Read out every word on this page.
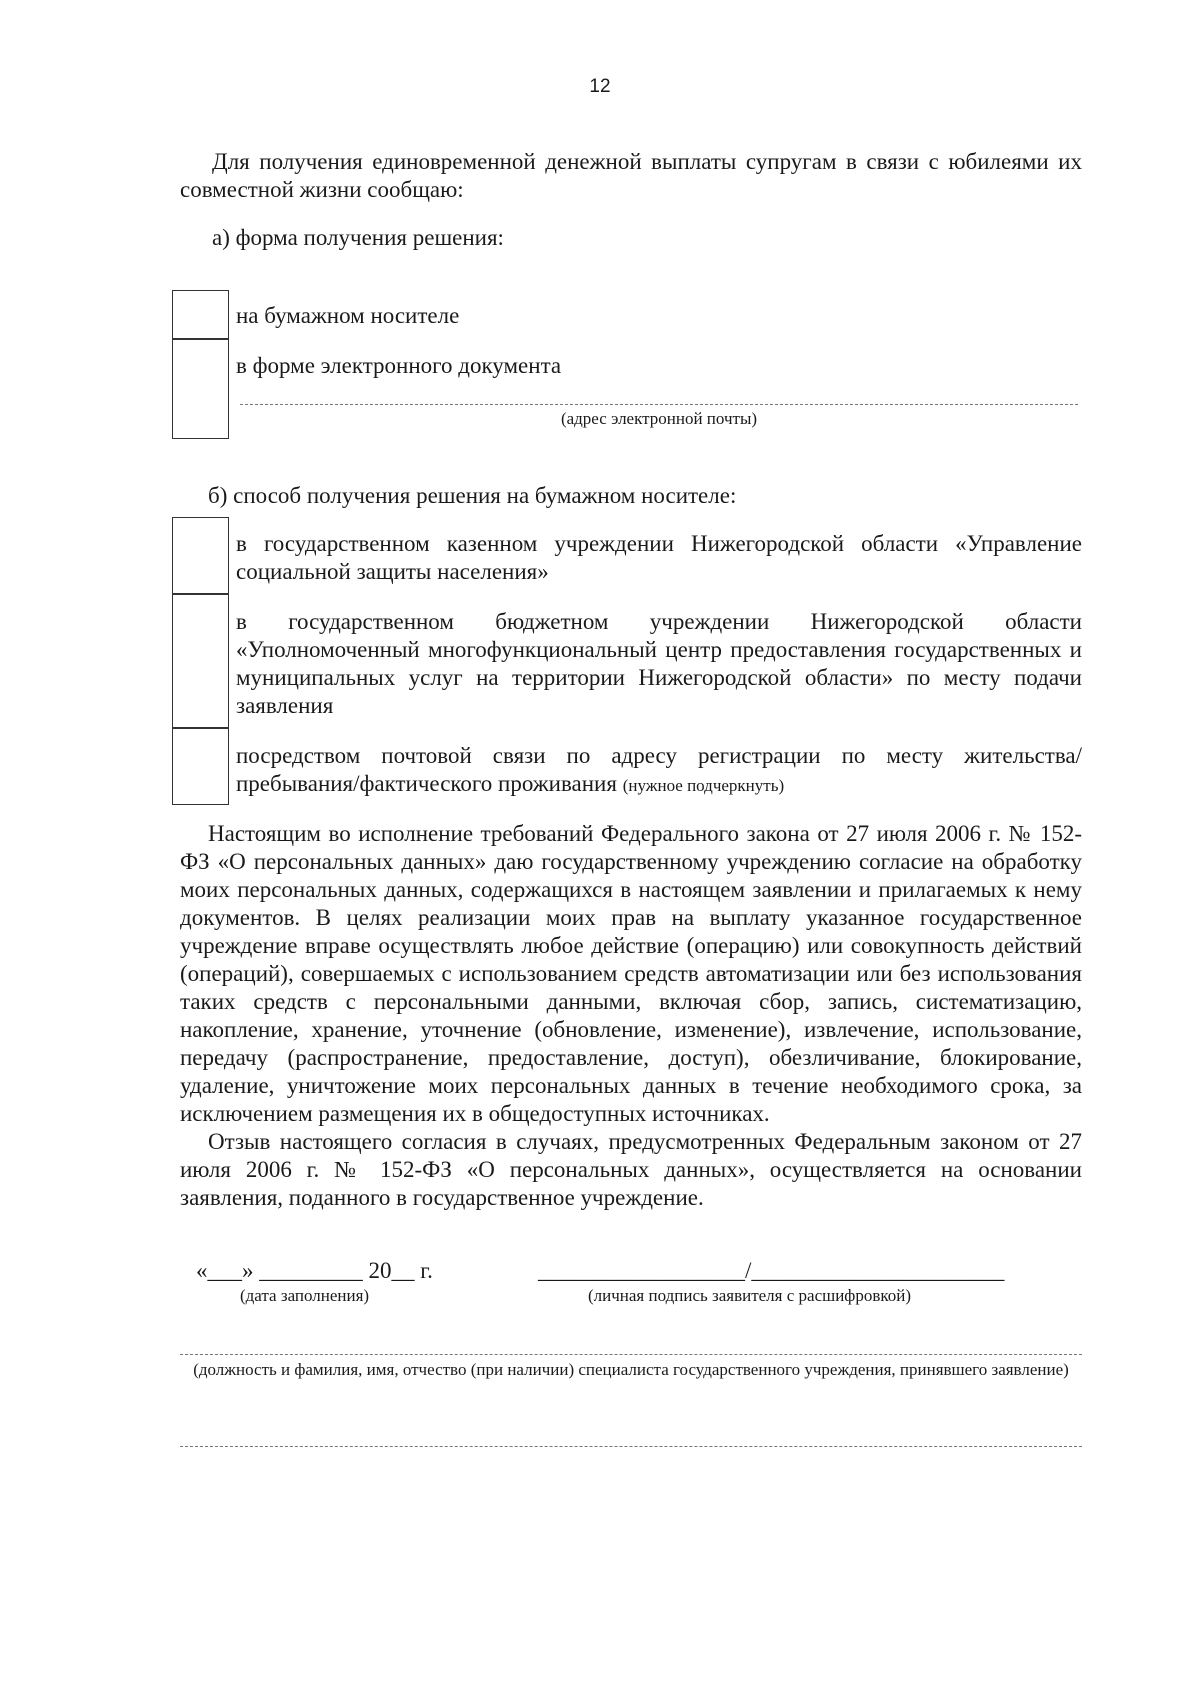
12
Для получения единовременной денежной выплаты супругам в связи с юбилеями их совместной жизни сообщаю:
а) форма получения решения:
на бумажном носителе
в форме электронного документа
(адрес электронной почты)
б) способ получения решения на бумажном носителе:
в государственном казенном учреждении Нижегородской области «Управление социальной защиты населения»
в государственном бюджетном учреждении Нижегородской области «Уполномоченный многофункциональный центр предоставления государственных и муниципальных услуг на территории Нижегородской области» по месту подачи заявления
посредством почтовой связи по адресу регистрации по месту жительства/пребывания/фактического проживания (нужное подчеркнуть)

Настоящим во исполнение требований Федерального закона от 27 июля 2006 г. № 152-ФЗ «О персональных данных» даю государственному учреждению согласие на обработку моих персональных данных, содержащихся в настоящем заявлении и прилагаемых к нему документов. В целях реализации моих прав на выплату указанное государственное учреждение вправе осуществлять любое действие (операцию) или совокупность действий (операций), совершаемых с использованием средств автоматизации или без использования таких средств с персональными данными, включая сбор, запись, систематизацию, накопление, хранение, уточнение (обновление, изменение), извлечение, использование, передачу (распространение, предоставление, доступ), обезличивание, блокирование, удаление, уничтожение моих персональных данных в течение необходимого срока, за исключением размещения их в общедоступных источниках.

Отзыв настоящего согласия в случаях, предусмотренных Федеральным законом от 27 июля 2006 г. № 152-ФЗ «О персональных данных», осуществляется на основании заявления, поданного в государственное учреждение.

«___» _________ 20__ г.
(дата заполнения)
__________________/______________________
(личная подпись заявителя с расшифровкой)
(должность и фамилия, имя, отчество (при наличии) специалиста государственного учреждения, принявшего заявление)
